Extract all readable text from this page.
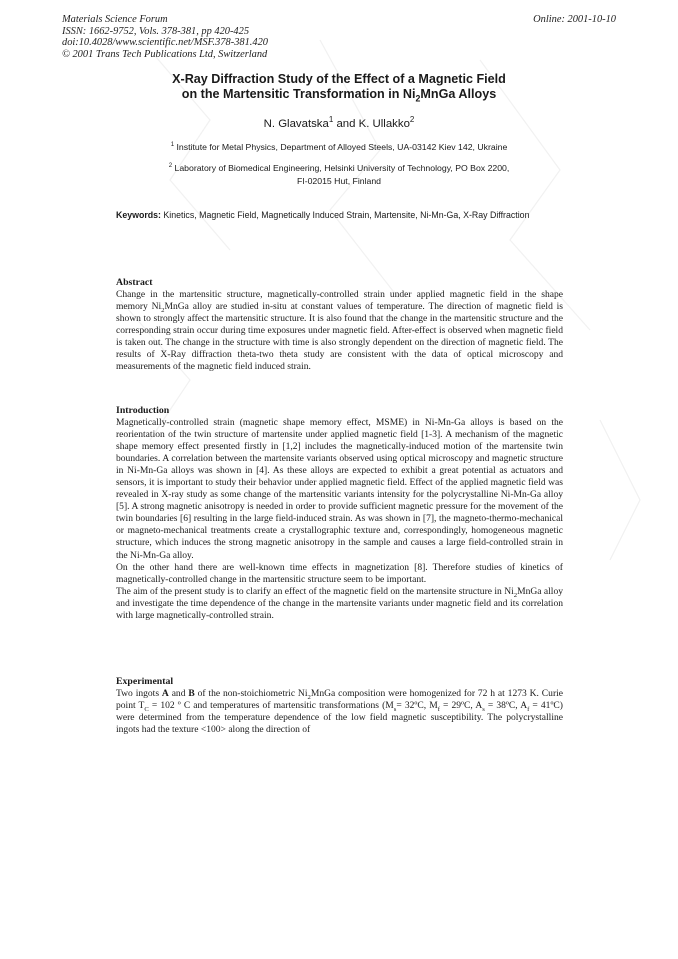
Materials Science Forum
ISSN: 1662-9752, Vols. 378-381, pp 420-425
doi:10.4028/www.scientific.net/MSF.378-381.420
© 2001 Trans Tech Publications Ltd, Switzerland
Online: 2001-10-10
X-Ray Diffraction Study of the Effect of a Magnetic Field
on the Martensitic Transformation in $Ni_2MnGa$ Alloys
N. Glavatska$^1$ and K. Ullakko$^2$
$^1$ Institute for Metal Physics, Department of Alloyed Steels, UA-03142 Kiev 142, Ukraine
$^2$ Laboratory of Biomedical Engineering, Helsinki University of Technology, PO Box 2200,
FI-02015 Hut, Finland
Keywords: Kinetics, Magnetic Field, Magnetically Induced Strain, Martensite, Ni-Mn-Ga, X-Ray Diffraction
Abstract

Change in the martensitic structure, magnetically-controlled strain under applied magnetic field in the shape memory $Ni_2MnGa$ alloy are studied in-situ at constant values of temperature. The direction of magnetic field is shown to strongly affect the martensitic structure. It is also found that the change in the martensitic structure and the corresponding strain occur during time exposures under magnetic field. After-effect is observed when magnetic field is taken out. The change in the structure with time is also strongly dependent on the direction of magnetic field. The results of X-Ray diffraction theta-two theta study are consistent with the data of optical microscopy and measurements of the magnetic field induced strain.

Introduction

Magnetically-controlled strain (magnetic shape memory effect, MSME) in Ni-Mn-Ga alloys is based on the reorientation of the twin structure of martensite under applied magnetic field [1-3]. A mechanism of the magnetic shape memory effect presented firstly in [1,2] includes the magnetically-induced motion of the martensite twin boundaries. A correlation between the martensite variants observed using optical microscopy and magnetic structure in Ni-Mn-Ga alloys was shown in [4]. As these alloys are expected to exhibit a great potential as actuators and sensors, it is important to study their behavior under applied magnetic field. Effect of the applied magnetic field was revealed in X-ray study as some change of the martensitic variants intensity for the polycrystalline Ni-Mn-Ga alloy [5]. A strong magnetic anisotropy is needed in order to provide sufficient magnetic pressure for the movement of the twin boundaries [6] resulting in the large field-induced strain. As was shown in [7], the magneto-thermo-mechanical or magneto-mechanical treatments create a crystallographic texture and, correspondingly, homogeneous magnetic structure, which induces the strong magnetic anisotropy in the sample and causes a large field-controlled strain in the Ni-Mn-Ga alloy.

On the other hand there are well-known time effects in magnetization [8]. Therefore studies of kinetics of magnetically-controlled change in the martensitic structure seem to be important.

The aim of the present study is to clarify an effect of the magnetic field on the martensite structure in $Ni_2MnGa$ alloy and investigate the time dependence of the change in the martensite variants under magnetic field and its correlation with large magnetically-controlled strain.

Experimental

Two ingots A and B of the non-stoichiometric $Ni_2MnGa$ composition were homogenized for 72 h at 1273 K. Curie point $T_C = 102$ º C and temperatures of martensitic transformations ($M_s=$ 32ºC, $M_f$ = 29ºC, $A_s$ = 38ºC, $A_f$ = 41ºC) were determined from the temperature dependence of the low field magnetic susceptibility. The polycrystalline ingots had the texture <100> along the direction of
